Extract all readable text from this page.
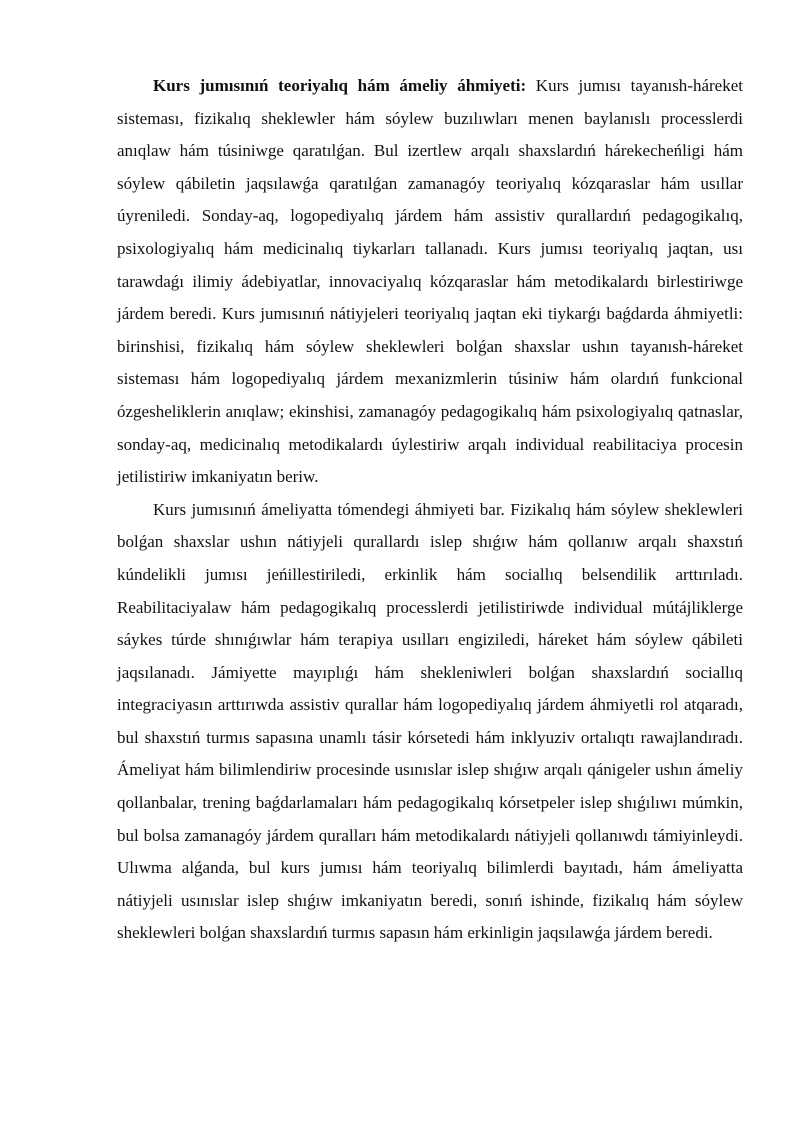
Kurs jumısınıń teoriyalıq hám ámeliy áhmiyeti: Kurs jumısı tayanısh-háreket sisteması, fizikalıq sheklewler hám sóylew buzılıwları menen baylanıslı processlerdi anıqlaw hám túsiniwge qaratılǵan. Bul izertlew arqalı shaxslardıń hárekecheńligi hám sóylew qábiletin jaqsılawǵa qaratılǵan zamanagóy teoriyalıq kózqaraslar hám usıllar úyreniledi. Sonday-aq, logopediyalıq járdem hám assistiv qurallardıń pedagogikalıq, psixologiyalıq hám medicinalıq tiykarları tallanadı. Kurs jumısı teoriyalıq jaqtan, usı tarawdaǵı ilimiy ádebiyatlar, innovaciyalıq kózqaraslar hám metodikalardı birlestiriwge járdem beredi. Kurs jumısınıń nátiyjeleri teoriyalıq jaqtan eki tiykarǵı baǵdarda áhmiyetli: birinshisi, fizikalıq hám sóylew sheklewleri bolǵan shaxslar ushın tayanısh-háreket sisteması hám logopediyalıq járdem mexanizmlerin túsiniw hám olardıń funkcional ózgesheliklerin anıqlaw; ekinshisi, zamanagóy pedagogikalıq hám psixologiyalıq qatnaslar, sonday-aq, medicinalıq metodikalardı úylestiriw arqalı individual reabilitaciya procesin jetilistiriw imkaniyatın beriw.

Kurs jumısınıń ámeliyatta tómendegi áhmiyeti bar. Fizikalıq hám sóylew sheklewleri bolǵan shaxslar ushın nátiyjeli qurallardı islep shıǵıw hám qollanıw arqalı shaxstıń kúndelikli jumısı jeńillestiriledi, erkinlik hám sociallıq belsendilik arttırıladı. Reabilitaciyalaw hám pedagogikalıq processlerdi jetilistiriwde individual mútájliklerge sáykes túrde shınıǵıwlar hám terapiya usılları engiziledi, háreket hám sóylew qábileti jaqsılanadı. Jámiyette mayıplıǵı hám shekleniwleri bolǵan shaxslardıń sociallıq integraciyasın arttırıwda assistiv qurallar hám logopediyalıq járdem áhmiyetli rol atqaradı, bul shaxstıń turmıs sapasına unamlı tásir kórsetedi hám inklyuziv ortalıqtı rawajlandıradı. Ámeliyat hám bilimlendiriw procesinde usınıslar islep shıǵıw arqalı qánigeler ushın ámeliy qollanbalar, trening baǵdarlamaları hám pedagogikalıq kórsetpeler islep shıǵılıwı múmkin, bul bolsa zamanagóy járdem quralları hám metodikalardı nátiyjeli qollanıwdı támiyinleydi. Ulıwma alǵanda, bul kurs jumısı hám teoriyalıq bilimlerdi bayıtadı, hám ámeliyatta nátiyjeli usınıslar islep shıǵıw imkaniyatın beredi, sonıń ishinde, fizikalıq hám sóylew sheklewleri bolǵan shaxslardıń turmıs sapasın hám erkinligin jaqsılawǵa járdem beredi.
